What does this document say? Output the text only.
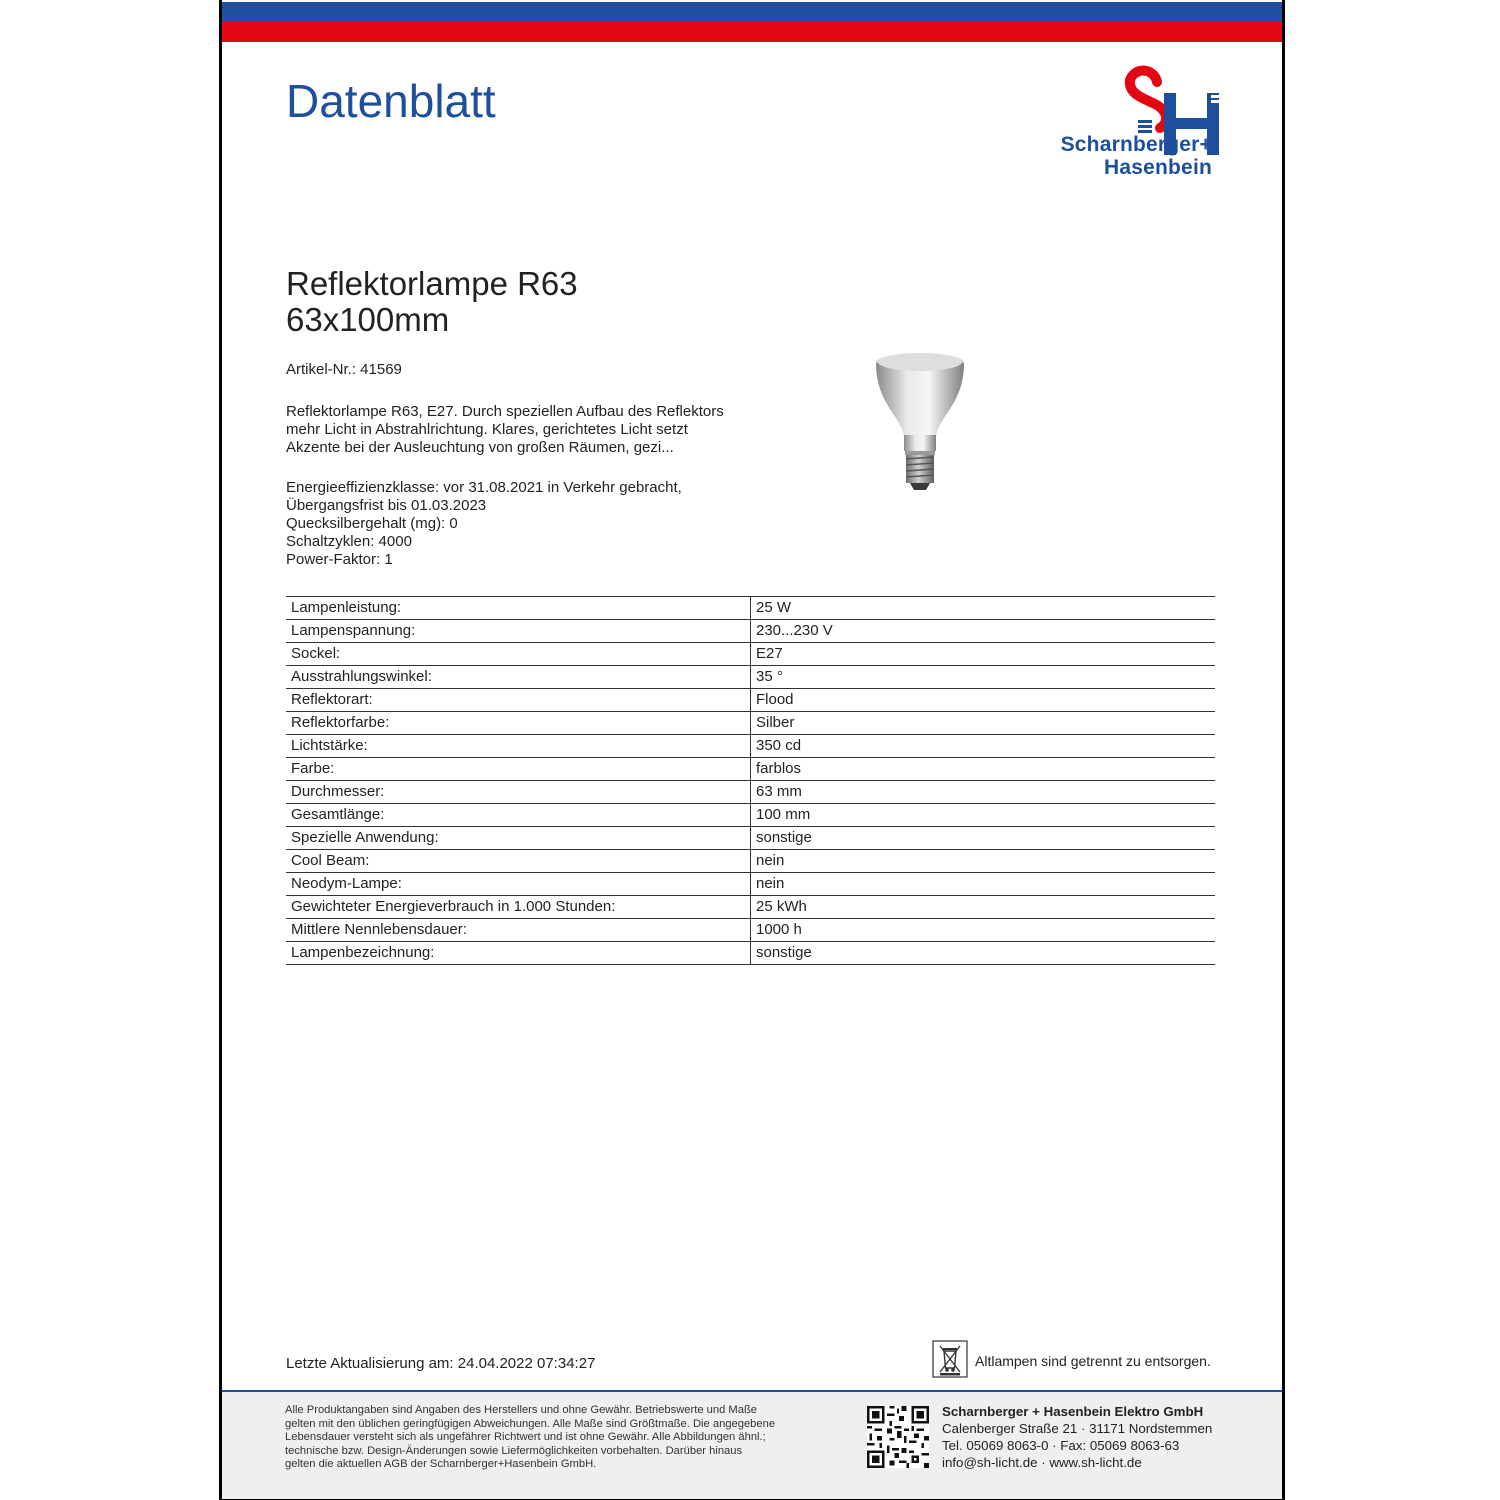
Datenblatt
Scharnberger+
Hasenbein
Reflektorlampe R63
63x100mm
Artikel-Nr.: 41569
Reflektorlampe R63, E27. Durch speziellen Aufbau des Reflektors
mehr Licht in Abstrahlrichtung. Klares, gerichtetes Licht setzt
Akzente bei der Ausleuchtung von großen Räumen, gezi...
Energieeffizienzklasse: vor 31.08.2021 in Verkehr gebracht,
Übergangsfrist bis 01.03.2023
Quecksilbergehalt (mg): 0
Schaltzyklen: 4000
Power-Faktor: 1
Lampenleistung:	25 W
Lampenspannung:	230...230 V
Sockel:	E27
Ausstrahlungswinkel:	35 °
Reflektorart:	Flood
Reflektorfarbe:	Silber
Lichtstärke:	350 cd
Farbe:	farblos
Durchmesser:	63 mm
Gesamtlänge:	100 mm
Spezielle Anwendung:	sonstige
Cool Beam:	nein
Neodym-Lampe:	nein
Gewichteter Energieverbrauch in 1.000 Stunden:	25 kWh
Mittlere Nennlebensdauer:	1000 h
Lampenbezeichnung:	sonstige
Letzte Aktualisierung am: 24.04.2022 07:34:27	Altlampen sind getrennt zu entsorgen.
Alle Produktangaben sind Angaben des Herstellers und ohne Gewähr. Betriebswerte und Maße
gelten mit den üblichen geringfügigen Abweichungen. Alle Maße sind Größtmaße. Die angegebene
Lebensdauer versteht sich als ungefährer Richtwert und ist ohne Gewähr. Alle Abbildungen ähnl.;
technische bzw. Design-Änderungen sowie Liefermöglichkeiten vorbehalten. Darüber hinaus
gelten die aktuellen AGB der Scharnberger+Hasenbein GmbH.
Scharnberger + Hasenbein Elektro GmbH
Calenberger Straße 21 · 31171 Nordstemmen
Tel. 05069 8063-0 · Fax: 05069 8063-63
info@sh-licht.de · www.sh-licht.de
